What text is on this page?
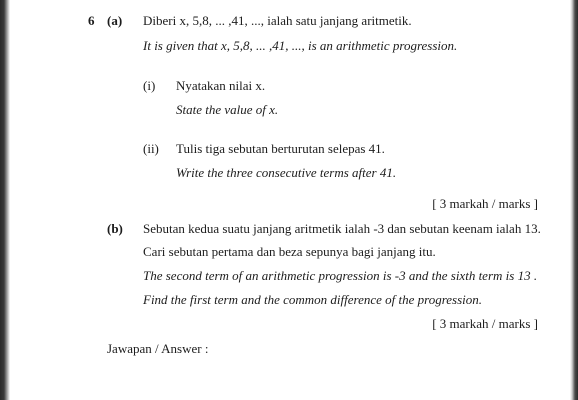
6 (a) Diberi x, 5,8, ... ,41, ..., ialah satu janjang aritmetik.
It is given that x, 5,8, ... ,41, ..., is an arithmetic progression.
(i) Nyatakan nilai x.
State the value of x.
(ii) Tulis tiga sebutan berturutan selepas 41.
Write the three consecutive terms after 41.
[ 3 markah / marks ]
(b) Sebutan kedua suatu janjang aritmetik ialah -3 dan sebutan keenam ialah 13.
Cari sebutan pertama dan beza sepunya bagi janjang itu.
The second term of an arithmetic progression is -3 and the sixth term is 13 .
Find the first term and the common difference of the progression.
[ 3 markah / marks ]
Jawapan / Answer :
